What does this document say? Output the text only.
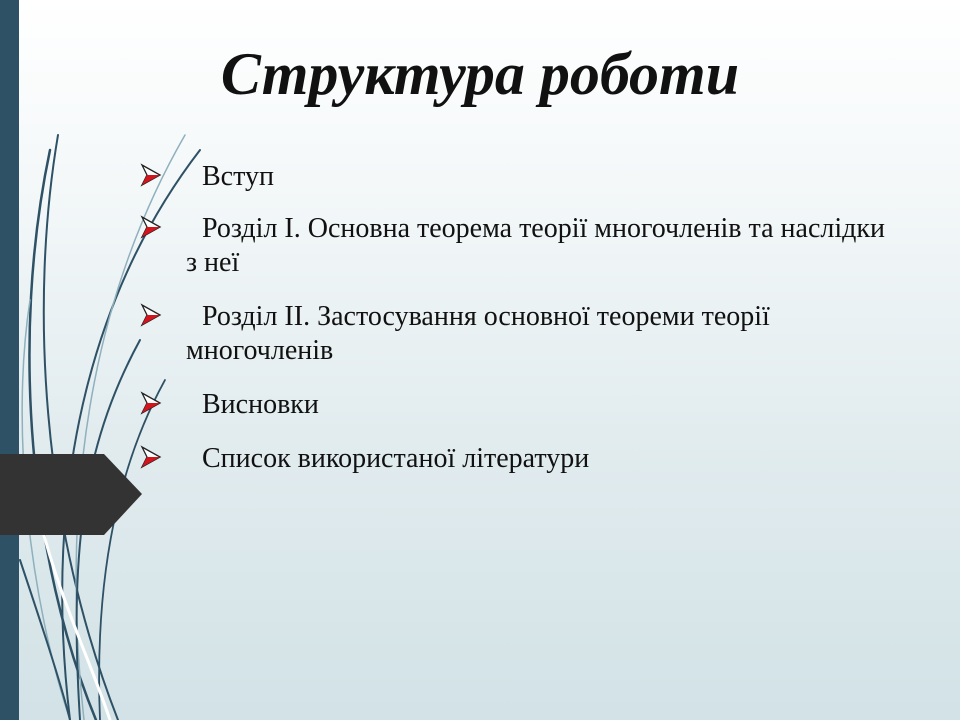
Структура роботи
Вступ
Розділ І. Основна теорема теорії многочленів та наслідки з неї
Розділ ІІ. Застосування основної теореми теорії многочленів
Висновки
Список використаної літератури
